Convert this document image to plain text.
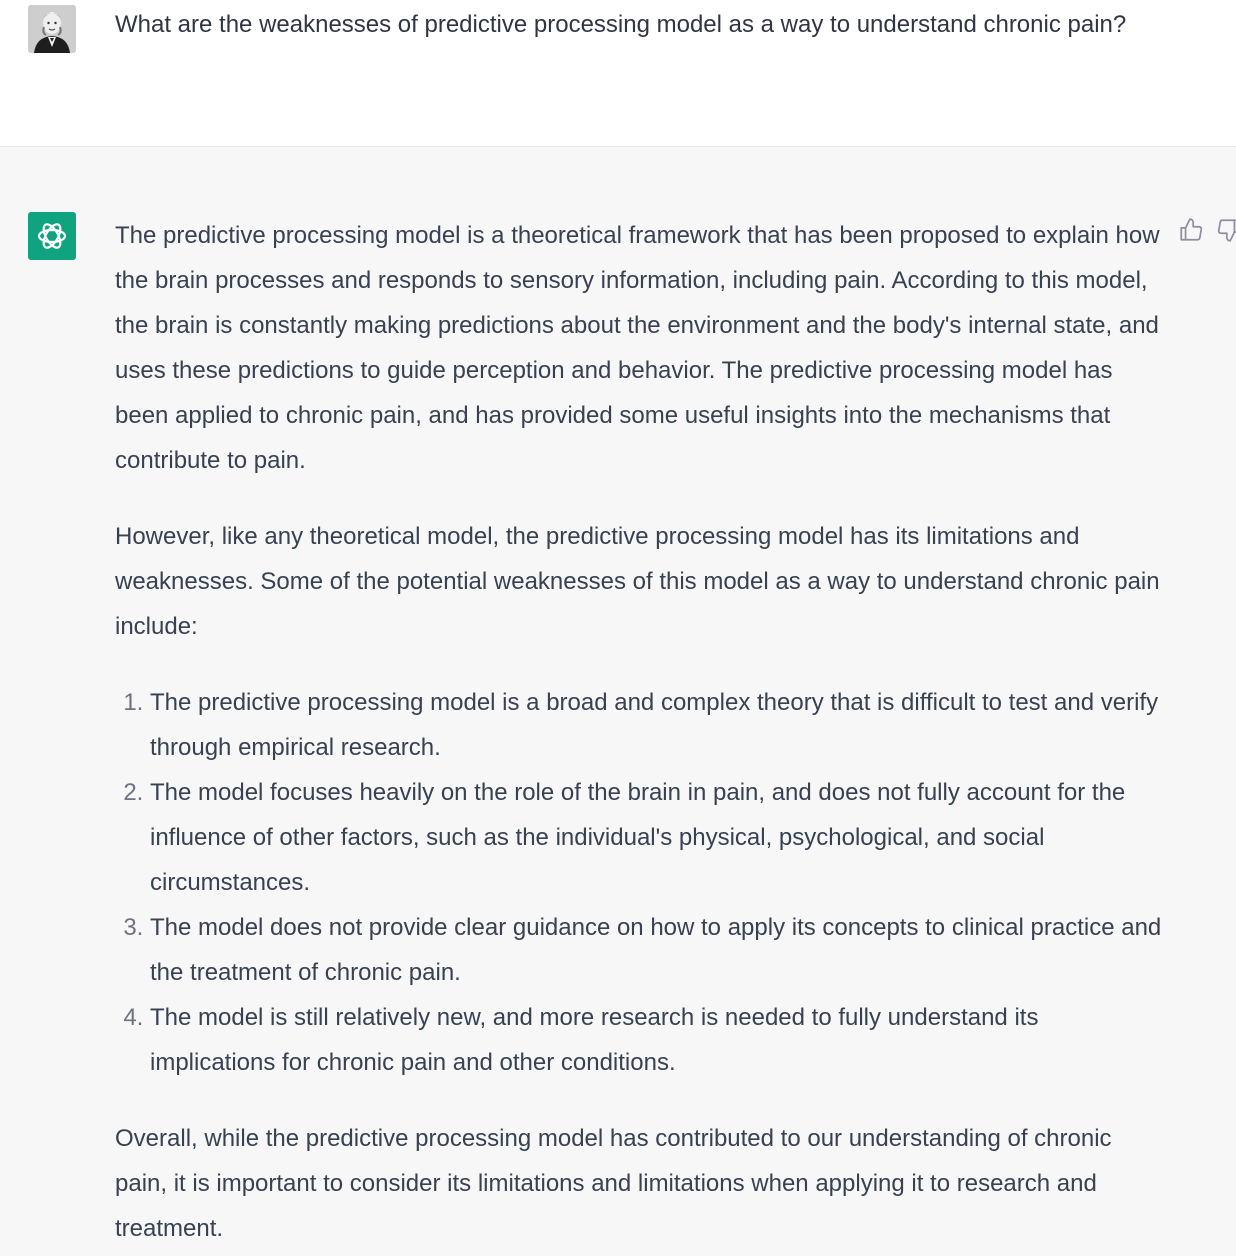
What are the weaknesses of predictive processing model as a way to understand chronic pain?

The predictive processing model is a theoretical framework that has been proposed to explain how the brain processes and responds to sensory information, including pain. According to this model, the brain is constantly making predictions about the environment and the body's internal state, and uses these predictions to guide perception and behavior. The predictive processing model has been applied to chronic pain, and has provided some useful insights into the mechanisms that contribute to pain.

However, like any theoretical model, the predictive processing model has its limitations and weaknesses. Some of the potential weaknesses of this model as a way to understand chronic pain include:

1. The predictive processing model is a broad and complex theory that is difficult to test and verify through empirical research.
2. The model focuses heavily on the role of the brain in pain, and does not fully account for the influence of other factors, such as the individual's physical, psychological, and social circumstances.
3. The model does not provide clear guidance on how to apply its concepts to clinical practice and the treatment of chronic pain.
4. The model is still relatively new, and more research is needed to fully understand its implications for chronic pain and other conditions.

Overall, while the predictive processing model has contributed to our understanding of chronic pain, it is important to consider its limitations and limitations when applying it to research and treatment.
